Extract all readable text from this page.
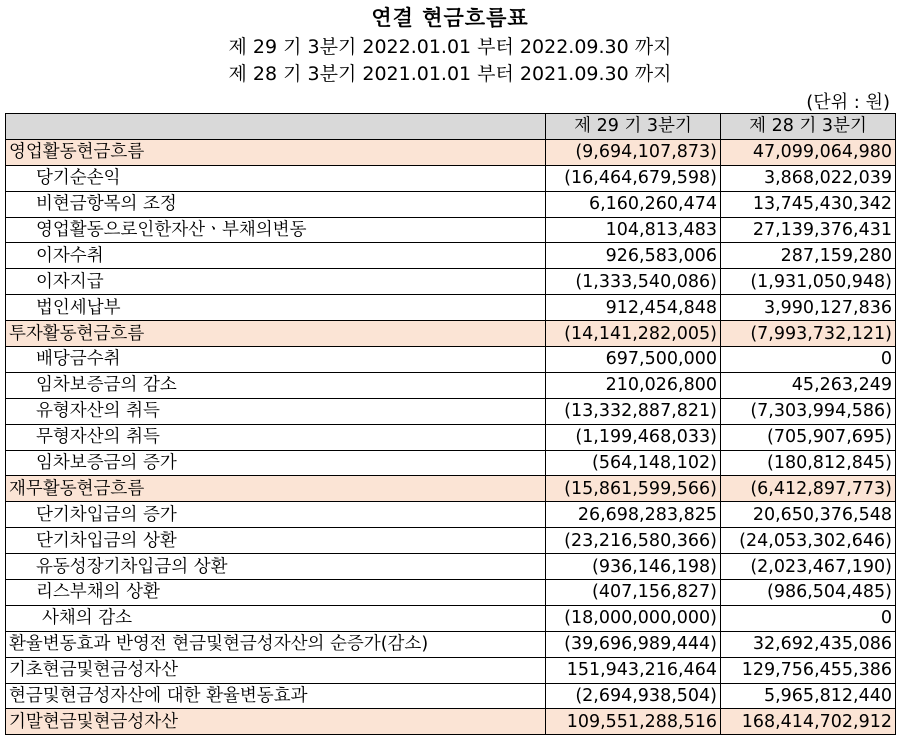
연결 현금흐름표
제 29 기 3분기 2022.01.01 부터 2022.09.30 까지
제 28 기 3분기 2021.01.01 부터 2021.09.30 까지
(단위 : 원)
	제 29 기 3분기	제 28 기 3분기
영업활동현금흐름	(9,694,107,873)	47,099,064,980
당기순손익	(16,464,679,598)	3,868,022,039
비현금항목의 조정	6,160,260,474	13,745,430,342
영업활동으로인한자산ㆍ부채의변동	104,813,483	27,139,376,431
이자수취	926,583,006	287,159,280
이자지급	(1,333,540,086)	(1,931,050,948)
법인세납부	912,454,848	3,990,127,836
투자활동현금흐름	(14,141,282,005)	(7,993,732,121)
배당금수취	697,500,000	0
임차보증금의 감소	210,026,800	45,263,249
유형자산의 취득	(13,332,887,821)	(7,303,994,586)
무형자산의 취득	(1,199,468,033)	(705,907,695)
임차보증금의 증가	(564,148,102)	(180,812,845)
재무활동현금흐름	(15,861,599,566)	(6,412,897,773)
단기차입금의 증가	26,698,283,825	20,650,376,548
단기차입금의 상환	(23,216,580,366)	(24,053,302,646)
유동성장기차입금의 상환	(936,146,198)	(2,023,467,190)
리스부채의 상환	(407,156,827)	(986,504,485)
사채의 감소	(18,000,000,000)	0
환율변동효과 반영전 현금및현금성자산의 순증가(감소)	(39,696,989,444)	32,692,435,086
기초현금및현금성자산	151,943,216,464	129,756,455,386
현금및현금성자산에 대한 환율변동효과	(2,694,938,504)	5,965,812,440
기말현금및현금성자산	109,551,288,516	168,414,702,912
